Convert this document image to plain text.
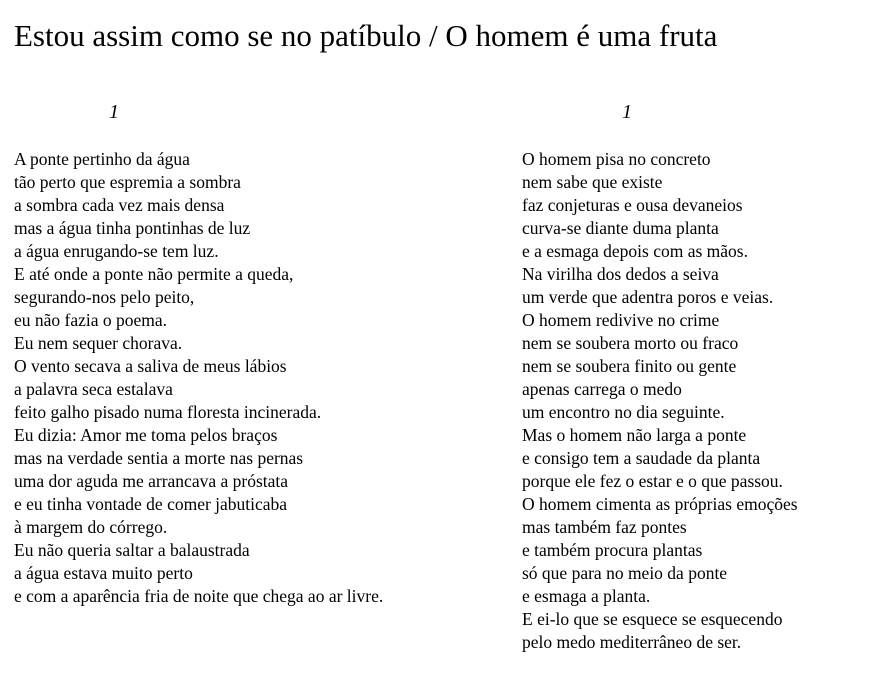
Estou assim como se no patíbulo / O homem é uma fruta
1
A ponte pertinho da água
tão perto que espremia a sombra
a sombra cada vez mais densa
mas a água tinha pontinhas de luz
a água enrugando-se tem luz.
E até onde a ponte não permite a queda,
segurando-nos pelo peito,
eu não fazia o poema.
Eu nem sequer chorava.
O vento secava a saliva de meus lábios
a palavra seca estalava
feito galho pisado numa floresta incinerada.
Eu dizia: Amor me toma pelos braços
mas na verdade sentia a morte nas pernas
uma dor aguda me arrancava a próstata
e eu tinha vontade de comer jabuticaba
à margem do córrego.
Eu não queria saltar a balaustrada
a água estava muito perto
e com a aparência fria de noite que chega ao ar livre.
1
O homem pisa no concreto
nem sabe que existe
faz conjeturas e ousa devaneios
curva-se diante duma planta
e a esmaga depois com as mãos.
Na virilha dos dedos a seiva
um verde que adentra poros e veias.
O homem redivive no crime
nem se soubera morto ou fraco
nem se soubera finito ou gente
apenas carrega o medo
um encontro no dia seguinte.
Mas o homem não larga a ponte
e consigo tem a saudade da planta
porque ele fez o estar e o que passou.
O homem cimenta as próprias emoções
mas também faz pontes
e também procura plantas
só que para no meio da ponte
e esmaga a planta.
E ei-lo que se esquece se esquecendo
pelo medo mediterrâneo de ser.
